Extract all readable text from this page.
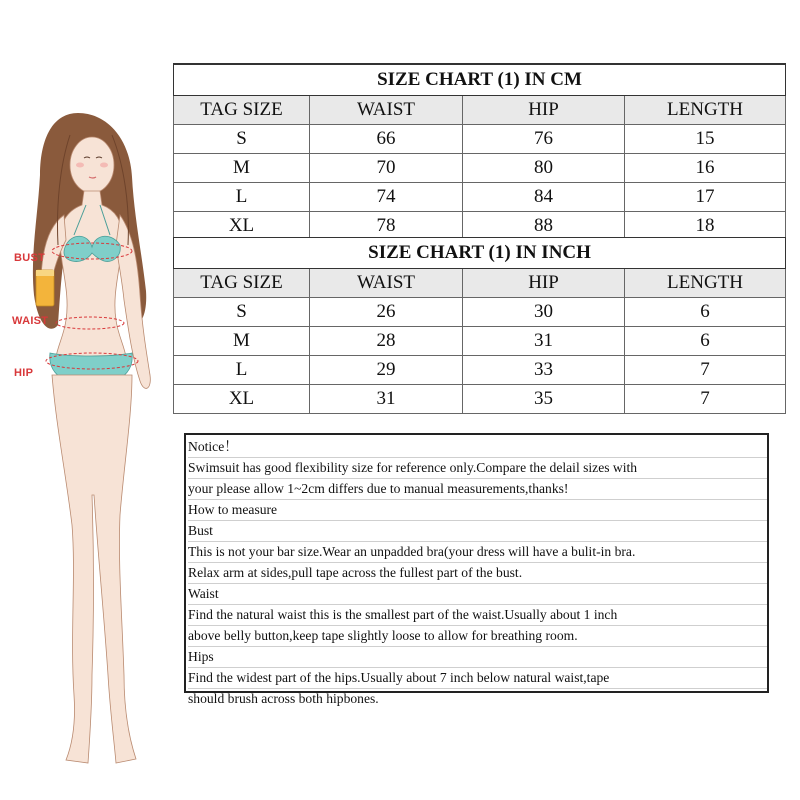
BUST
WAIST
HIP
SIZE CHART (1) IN CM			
TAG SIZE	WAIST	HIP	LENGTH
S	66	76	15
M	70	80	16
L	74	84	17
XL	78	88	18
SIZE CHART (1) IN INCH			
TAG SIZE	WAIST	HIP	LENGTH
S	26	30	6
M	28	31	6
L	29	33	7
XL	31	35	7
Notice！
Swimsuit has good flexibility size for reference only.Compare the delail sizes with
your please allow 1~2cm differs due to manual measurements,thanks!
How to measure
Bust
This is not your bar size.Wear an unpadded bra(your dress will have a bulit-in bra.
Relax arm at sides,pull tape across the fullest part of the bust.
Waist
Find the natural waist this is the smallest part of the waist.Usually about 1 inch
above belly button,keep tape slightly loose to allow for breathing room.
Hips
Find the widest part of the hips.Usually about 7 inch below natural waist,tape
should brush across both hipbones.
